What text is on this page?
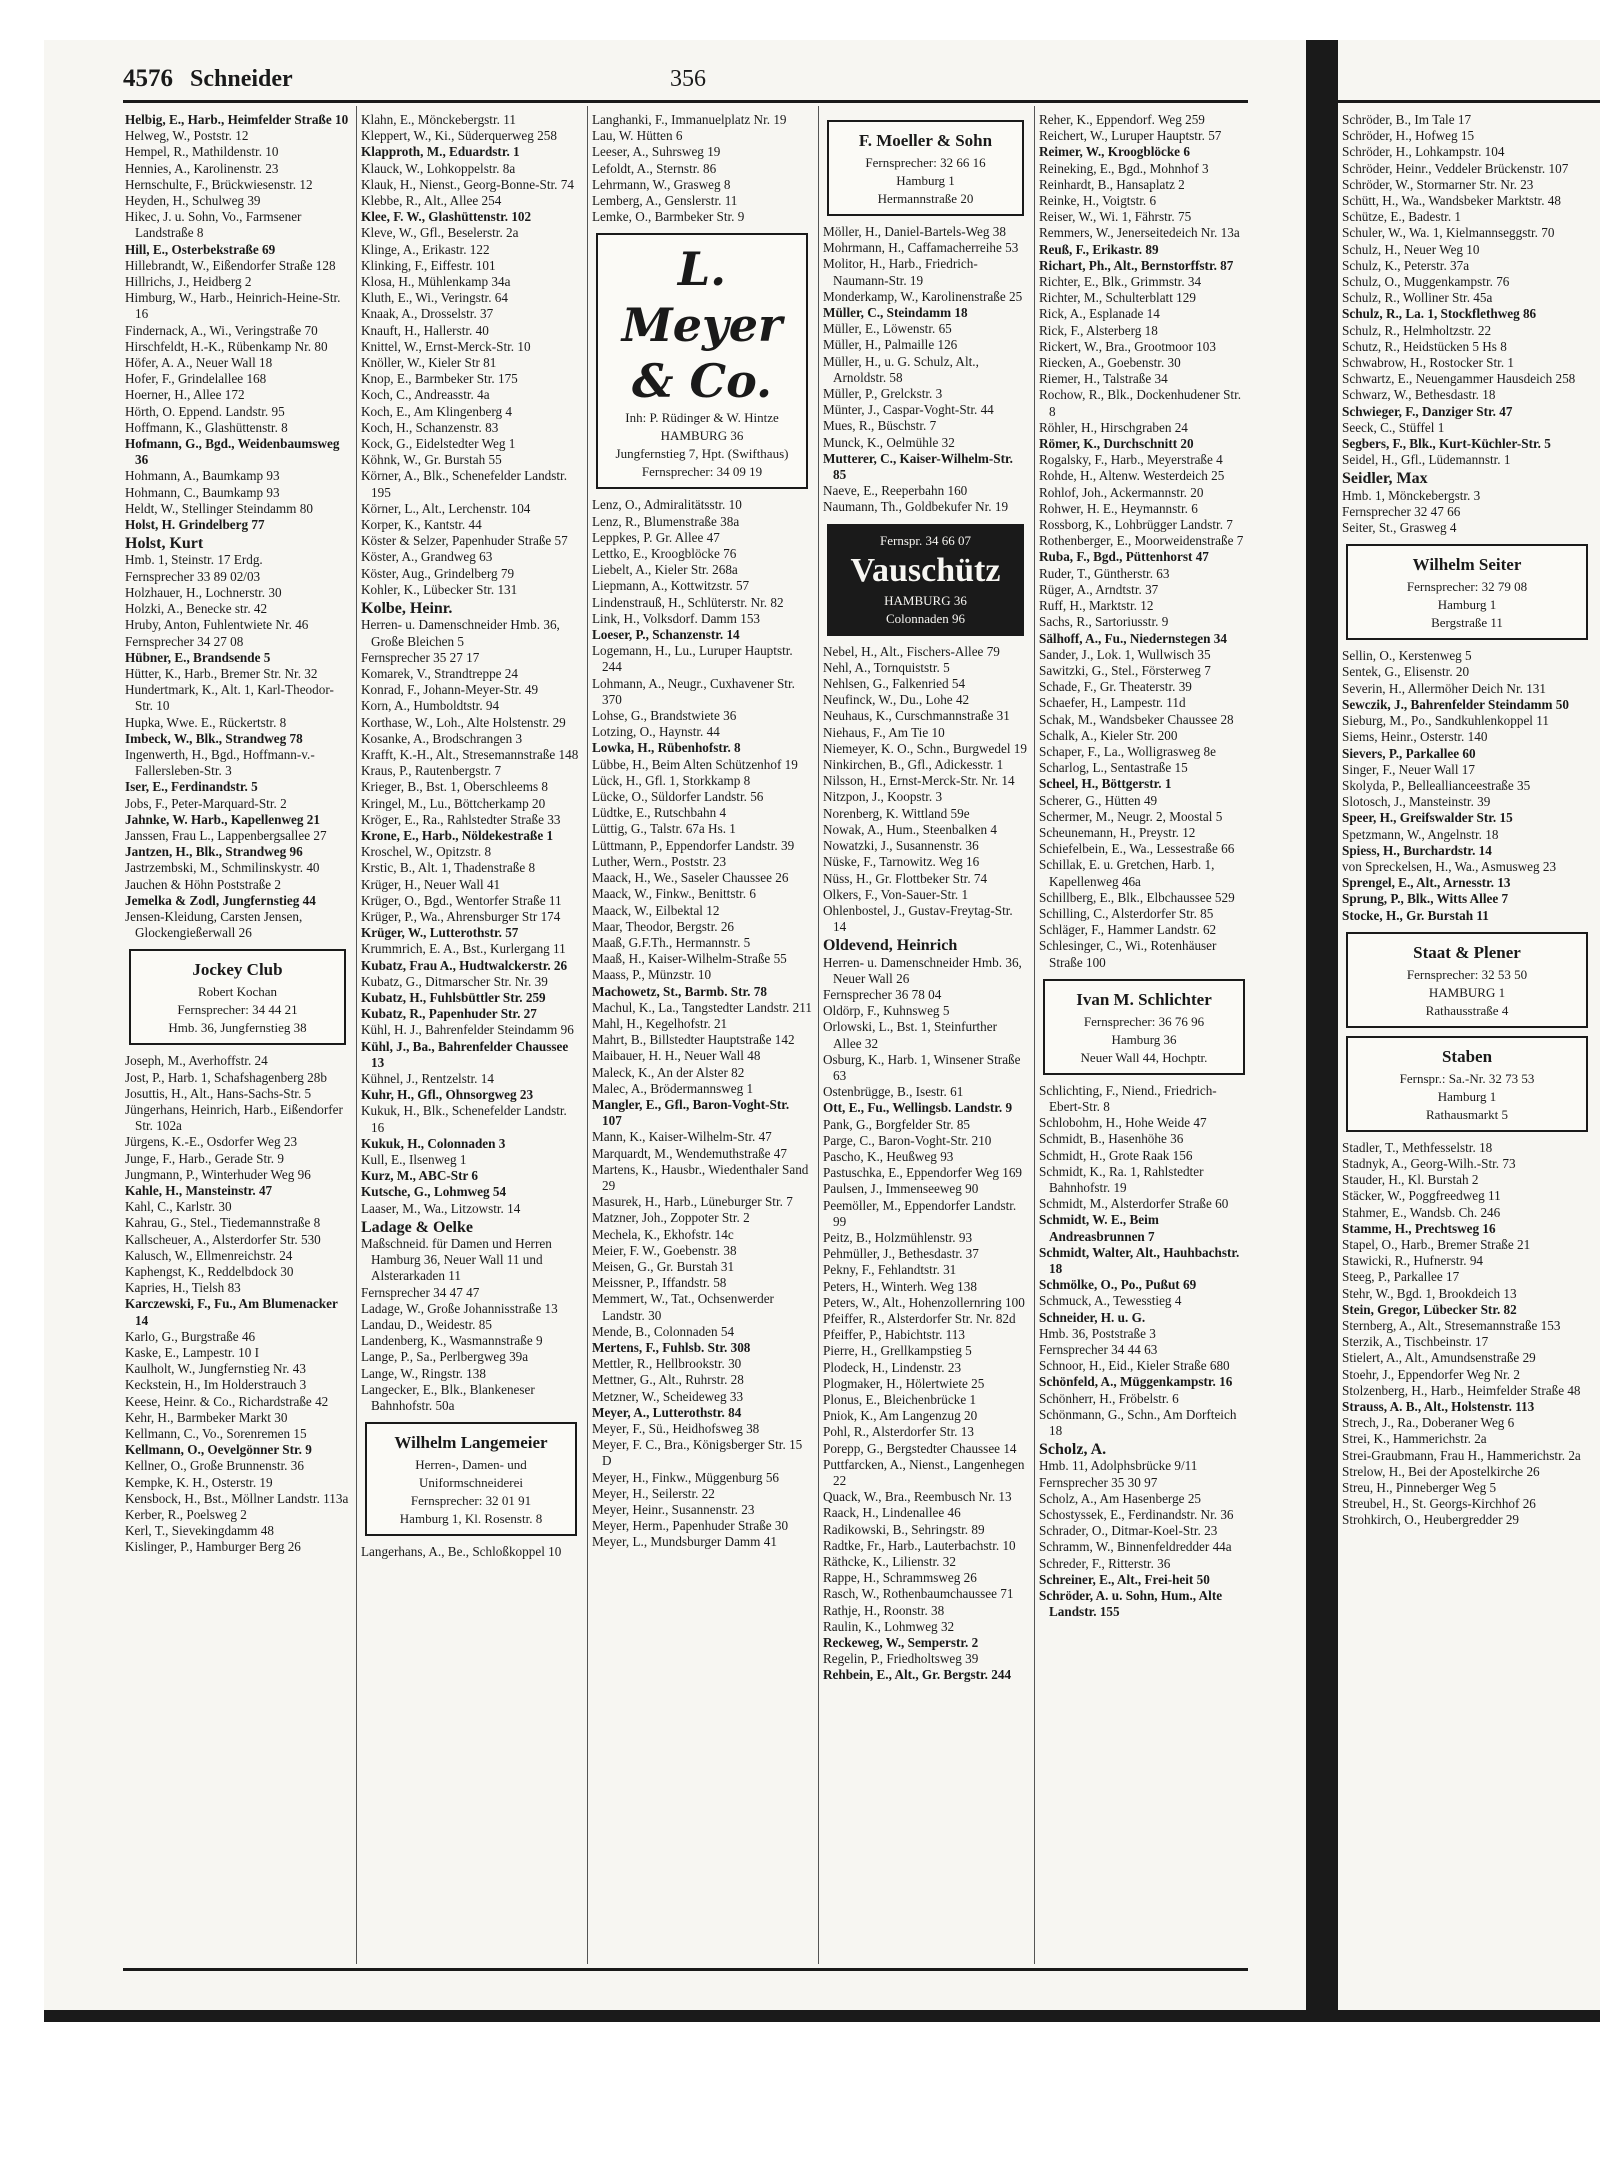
4576 Schneider	356
Helbig, E., Harb., Heimfelder Straße 10
Helweg, W., Poststr. 12
Hempel, R., Mathildenstr. 10
Hennies, A., Karolinenstr. 23
Hernschulte, F., Brückwiesenstr. 12
Heyden, H., Schulweg 39
Hikec, J. u. Sohn, Vo., Farmsener Landstraße 8
Hill, E., Osterbekstraße 69
Hillebrandt, W., Eißendorfer Straße 128
Hillrichs, J., Heidberg 2
Himburg, W., Harb., Heinrich-Heine-Str. 16
Findernack, A., Wi., Veringstraße 70
Hirschfeldt, H.-K., Rübenkamp Nr. 80
Höfer, A. A., Neuer Wall 18
Hofer, F., Grindelallee 168
Hoerner, H., Allee 172
Hörth, O. Eppend. Landstr. 95
Hoffmann, K., Glashüttenstr. 8
Hofmann, G., Bgd., Weidenbaumsweg 36
Hohmann, A., Baumkamp 93
Hohmann, C., Baumkamp 93
Heldt, W., Stellinger Steindamm 80
Holst, H. Grindelberg 77
Holst, Kurt
Hmb. 1, Steinstr. 17 Erdg.
Fernsprecher 33 89 02/03
Holzhauer, H., Lochnerstr. 30
Holzki, A., Benecke str. 42
Hruby, Anton, Fuhlentwiete Nr. 46
Fernsprecher 34 27 08
Hübner, E., Brandsende 5
Hütter, K., Harb., Bremer Str. Nr. 32
Hundertmark, K., Alt. 1, Karl-Theodor-Str. 10
Hupka, Wwe. E., Rückertstr. 8
Imbeck, W., Blk., Strandweg 78
Ingenwerth, H., Bgd., Hoffmann-v.-Fallersleben-Str. 3
Iser, E., Ferdinandstr. 5
Jobs, F., Peter-Marquard-Str. 2
Jahnke, W. Harb., Kapellenweg 21
Janssen, Frau L., Lappenbergsallee 27
Jantzen, H., Blk., Strandweg 96
Jastrzembski, M., Schmilinskystr. 40
Jauchen & Höhn Poststraße 2
Jemelka & Zodl, Jungfernstieg 44
Jensen-Kleidung, Carsten Jensen, Glockengießerwall 26
Jockey Club
Robert Kochan
Fernsprecher: 34 44 21
Hmb. 36, Jungfernstieg 38
Joseph, M., Averhoffstr. 24
Jost, P., Harb. 1, Schafshagenberg 28b
Josuttis, H., Alt., Hans-Sachs-Str. 5
Jüngerhans, Heinrich, Harb., Eißendorfer Str. 102a
Jürgens, K.-E., Osdorfer Weg 23
Junge, F., Harb., Gerade Str. 9
Jungmann, P., Winterhuder Weg 96
Kahle, H., Mansteinstr. 47
Kahl, C., Karlstr. 30
Kahrau, G., Stel., Tiedemannstraße 8
Kallscheuer, A., Alsterdorfer Str. 530
Kalusch, W., Ellmenreichstr. 24
Kaphengst, K., Reddelbdock 30
Kapries, H., Tielsh 83
Karczewski, F., Fu., Am Blumenacker 14
Karlo, G., Burgstraße 46
Kaske, E., Lampestr. 10 I
Kaulholt, W., Jungfernstieg Nr. 43
Keckstein, H., Im Holderstrauch 3
Keese, Heinr. & Co., Richardstraße 42
Kehr, H., Barmbeker Markt 30
Kellmann, C., Vo., Sorenremen 15
Kellmann, O., Oevelgönner Str. 9
Kellner, O., Große Brunnenstr. 36
Kempke, K. H., Osterstr. 19
Kensbock, H., Bst., Möllner Landstr. 113a
Kerber, R., Poelsweg 2
Kerl, T., Sievekingdamm 48
Kislinger, P., Hamburger Berg 26
Klahn, E., Mönckebergstr. 11
Kleppert, W., Ki., Süderquerweg 258
Klapproth, M., Eduardstr. 1
Klauck, W., Lohkoppelstr. 8a
Klauk, H., Nienst., Georg-Bonne-Str. 74
Klebbe, R., Alt., Allee 254
Klee, F. W., Glashüttenstr. 102
Kleve, W., Gfl., Beselerstr. 2a
Klinge, A., Erikastr. 122
Klinking, F., Eiffestr. 101
Klosa, H., Mühlenkamp 34a
Kluth, E., Wi., Veringstr. 64
Knaak, A., Drosselstr. 37
Knauft, H., Hallerstr. 40
Knittel, W., Ernst-Merck-Str. 10
Knöller, W., Kieler Str 81
Knop, E., Barmbeker Str. 175
Koch, C., Andreasstr. 4a
Koch, E., Am Klingenberg 4
Koch, H., Schanzenstr. 83
Kock, G., Eidelstedter Weg 1
Köhnk, W., Gr. Burstah 55
Körner, A., Blk., Schenefelder Landstr. 195
Körner, L., Alt., Lerchenstr. 104
Korper, K., Kantstr. 44
Köster & Selzer, Papenhuder Straße 57
Köster, A., Grandweg 63
Köster, Aug., Grindelberg 79
Kohler, K., Lübecker Str. 131
Kolbe, Heinr.
Herren- u. Damenschneider Hmb. 36, Große Bleichen 5
Fernsprecher 35 27 17
Komarek, V., Strandtreppe 24
Konrad, F., Johann-Meyer-Str. 49
Korn, A., Humboldtstr. 94
Korthase, W., Loh., Alte Holstenstr. 29
Kosanke, A., Brodschrangen 3
Krafft, K.-H., Alt., Stresemannstraße 148
Kraus, P., Rautenbergstr. 7
Krieger, B., Bst. 1, Oberschleems 8
Kringel, M., Lu., Böttcherkamp 20
Kröger, E., Ra., Rahlstedter Straße 33
Krone, E., Harb., Nöldekestraße 1
Kroschel, W., Opitzstr. 8
Krstic, B., Alt. 1, Thadenstraße 8
Krüger, H., Neuer Wall 41
Krüger, O., Bgd., Wentorfer Straße 11
Krüger, P., Wa., Ahrensburger Str 174
Krüger, W., Lutterothstr. 57
Krummrich, E. A., Bst., Kurlergang 11
Kubatz, Frau A., Hudtwalckerstr. 26
Kubatz, G., Ditmarscher Str. Nr. 39
Kubatz, H., Fuhlsbüttler Str. 259
Kubatz, R., Papenhuder Str. 27
Kühl, H. J., Bahrenfelder Steindamm 96
Kühl, J., Ba., Bahrenfelder Chaussee 13
Kühnel, J., Rentzelstr. 14
Kuhr, H., Gfl., Ohnsorgweg 23
Kukuk, H., Blk., Schenefelder Landstr. 16
Kukuk, H., Colonnaden 3
Kull, E., Ilsenweg 1
Kurz, M., ABC-Str 6
Kutsche, G., Lohmweg 54
Laaser, M., Wa., Litzowstr. 14
Ladage & Oelke
Maßschneid. für Damen und Herren Hamburg 36, Neuer Wall 11 und Alsterarkaden 11
Fernsprecher 34 47 47
Ladage, W., Große Johannisstraße 13
Landau, D., Weidestr. 85
Landenberg, K., Wasmannstraße 9
Lange, P., Sa., Perlbergweg 39a
Lange, W., Ringstr. 138
Langecker, E., Blk., Blankeneser Bahnhofstr. 50a
Wilhelm Langemeier
Herren-, Damen- und Uniformschneiderei
Fernsprecher: 32 01 91
Hamburg 1, Kl. Rosenstr. 8
Langerhans, A., Be., Schloßkoppel 10
Langhanki, F., Immanuelplatz Nr. 19
Lau, W. Hütten 6
Leeser, A., Suhrsweg 19
Lefoldt, A., Sternstr. 86
Lehrmann, W., Grasweg 8
Lemberg, A., Genslerstr. 11
Lemke, O., Barmbeker Str. 9
L. Meyer & Co.
Inh: P. Rüdinger & W. Hintze
HAMBURG 36
Jungfernstieg 7, Hpt. (Swifthaus)
Fernsprecher: 34 09 19
Lenz, O., Admiralitätsstr. 10
Lenz, R., Blumenstraße 38a
Leppkes, P. Gr. Allee 47
Lettko, E., Kroogblöcke 76
Liebelt, A., Kieler Str. 268a
Liepmann, A., Kottwitzstr. 57
Lindenstrauß, H., Schlüterstr. Nr. 82
Link, H., Volksdorf. Damm 153
Loeser, P., Schanzenstr. 14
Logemann, H., Lu., Luruper Hauptstr. 244
Lohmann, A., Neugr., Cuxhavener Str. 370
Lohse, G., Brandstwiete 36
Lotzing, O., Haynstr. 44
Lowka, H., Rübenhofstr. 8
Lübbe, H., Beim Alten Schützenhof 19
Lück, H., Gfl. 1, Storkkamp 8
Lücke, O., Süldorfer Landstr. 56
Lüdtke, E., Rutschbahn 4
Lüttig, G., Talstr. 67a Hs. 1
Lüttmann, P., Eppendorfer Landstr. 39
Luther, Wern., Poststr. 23
Maack, H., We., Saseler Chaussee 26
Maack, W., Finkw., Benittstr. 6
Maack, W., Eilbektal 12
Maar, Theodor, Bergstr. 26
Maaß, G.F.Th., Hermannstr. 5
Maaß, H., Kaiser-Wilhelm-Straße 55
Maass, P., Münzstr. 10
Machowetz, St., Barmb. Str. 78
Machul, K., La., Tangstedter Landstr. 211
Mahl, H., Kegelhofstr. 21
Mahrt, B., Billstedter Hauptstraße 142
Maibauer, H. H., Neuer Wall 48
Maleck, K., An der Alster 82
Malec, A., Brödermannsweg 1
Mangler, E., Gfl., Baron-Voght-Str. 107
Mann, K., Kaiser-Wilhelm-Str. 47
Marquardt, M., Wendemuthstraße 47
Martens, K., Hausbr., Wiedenthaler Sand 29
Masurek, H., Harb., Lüneburger Str. 7
Matzner, Joh., Zoppoter Str. 2
Mechela, K., Ekhofstr. 14c
Meier, F. W., Goebenstr. 38
Meisen, G., Gr. Burstah 31
Meissner, P., Iffandstr. 58
Memmert, W., Tat., Ochsenwerder Landstr. 30
Mende, B., Colonnaden 54
Mertens, F., Fuhlsb. Str. 308
Mettler, R., Hellbrookstr. 30
Mettner, G., Alt., Ruhrstr. 28
Metzner, W., Scheideweg 33
Meyer, A., Lutterothstr. 84
Meyer, F., Sü., Heidhofsweg 38
Meyer, F. C., Bra., Königsberger Str. 15 D
Meyer, H., Finkw., Müggenburg 56
Meyer, H., Seilerstr. 22
Meyer, Heinr., Susannenstr. 23
Meyer, Herm., Papenhuder Straße 30
Meyer, L., Mundsburger Damm 41
F. Moeller & Sohn
Fernsprecher: 32 66 16
Hamburg 1
Hermannstraße 20
Möller, H., Daniel-Bartels-Weg 38
Mohrmann, H., Caffamacherreihe 53
Molitor, H., Harb., Friedrich-Naumann-Str. 19
Monderkamp, W., Karolinenstraße 25
Müller, C., Steindamm 18
Müller, E., Löwenstr. 65
Müller, H., Palmaille 126
Müller, H., u. G. Schulz, Alt., Arnoldstr. 58
Müller, P., Grelckstr. 3
Münter, J., Caspar-Voght-Str. 44
Mues, R., Büschstr. 7
Munck, K., Oelmühle 32
Mutterer, C., Kaiser-Wilhelm-Str. 85
Naeve, E., Reeperbahn 160
Naumann, Th., Goldbekufer Nr. 19
Fernspr. 34 66 07
Vauschütz
HAMBURG 36
Colonnaden 96
Nebel, H., Alt., Fischers-Allee 79
Nehl, A., Tornquiststr. 5
Nehlsen, G., Falkenried 54
Neufinck, W., Du., Lohe 42
Neuhaus, K., Curschmannstraße 31
Niehaus, F., Am Tie 10
Niemeyer, K. O., Schn., Burgwedel 19
Ninkirchen, B., Gfl., Adickesstr. 1
Nilsson, H., Ernst-Merck-Str. Nr. 14
Nitzpon, J., Koopstr. 3
Norenberg, K. Wittland 59e
Nowak, A., Hum., Steenbalken 4
Nowatzki, J., Susannenstr. 36
Nüske, F., Tarnowitz. Weg 16
Nüss, H., Gr. Flottbeker Str. 74
Olkers, F., Von-Sauer-Str. 1
Ohlenbostel, J., Gustav-Freytag-Str. 14
Oldevend, Heinrich
Herren- u. Damenschneider Hmb. 36, Neuer Wall 26
Fernsprecher 36 78 04
Oldörp, F., Kuhnsweg 5
Orlowski, L., Bst. 1, Steinfurther Allee 32
Osburg, K., Harb. 1, Winsener Straße 63
Ostenbrügge, B., Isestr. 61
Ott, E., Fu., Wellingsb. Landstr. 9
Pank, G., Borgfelder Str. 85
Parge, C., Baron-Voght-Str. 210
Pascho, K., Heußweg 93
Pastuschka, E., Eppendorfer Weg 169
Paulsen, J., Immenseeweg 90
Peemöller, M., Eppendorfer Landstr. 99
Peitz, B., Holzmühlenstr. 93
Pehmüller, J., Bethesdastr. 37
Pekny, F., Fehlandtstr. 31
Peters, H., Winterh. Weg 138
Peters, W., Alt., Hohenzollernring 100
Pfeiffer, R., Alsterdorfer Str. Nr. 82d
Pfeiffer, P., Habichtstr. 113
Pierre, H., Grellkampstieg 5
Plodeck, H., Lindenstr. 23
Plogmaker, H., Hölertwiete 25
Plonus, E., Bleichenbrücke 1
Pniok, K., Am Langenzug 20
Pohl, R., Alsterdorfer Str. 13
Porepp, G., Bergstedter Chaussee 14
Puttfarcken, A., Nienst., Langenhegen 22
Quack, W., Bra., Reembusch Nr. 13
Raack, H., Lindenallee 46
Radikowski, B., Sehringstr. 89
Radtke, Fr., Harb., Lauterbachstr. 10
Räthcke, K., Lilienstr. 32
Rappe, H., Schrammsweg 26
Rasch, W., Rothenbaumchaussee 71
Rathje, H., Roonstr. 38
Raulin, K., Lohmweg 32
Reckeweg, W., Semperstr. 2
Regelin, P., Friedholtsweg 39
Rehbein, E., Alt., Gr. Bergstr. 244
Reher, K., Eppendorf. Weg 259
Reichert, W., Luruper Hauptstr. 57
Reimer, W., Kroogblöcke 6
Reineking, E., Bgd., Mohnhof 3
Reinhardt, B., Hansaplatz 2
Reinke, H., Voigtstr. 6
Reiser, W., Wi. 1, Fährstr. 75
Remmers, W., Jenerseitedeich Nr. 13a
Reuß, F., Erikastr. 89
Richart, Ph., Alt., Bernstorffstr. 87
Richter, E., Blk., Grimmstr. 34
Richter, M., Schulterblatt 129
Rick, A., Esplanade 14
Rick, F., Alsterberg 18
Rickert, W., Bra., Grootmoor 103
Riecken, A., Goebenstr. 30
Riemer, H., Talstraße 34
Rochow, R., Blk., Dockenhudener Str. 8
Röhler, H., Hirschgraben 24
Römer, K., Durchschnitt 20
Rogalsky, F., Harb., Meyerstraße 4
Rohde, H., Altenw. Westerdeich 25
Rohlof, Joh., Ackermannstr. 20
Rohwer, H. E., Heymannstr. 6
Rossborg, K., Lohbrügger Landstr. 7
Rothenberger, E., Moorweidenstraße 7
Ruba, F., Bgd., Püttenhorst 47
Ruder, T., Güntherstr. 63
Rüger, A., Arndtstr. 37
Ruff, H., Marktstr. 12
Sachs, R., Sartoriusstr. 9
Sälhoff, A., Fu., Niedernstegen 34
Sander, J., Lok. 1, Wullwisch 35
Sawitzki, G., Stel., Försterweg 7
Schade, F., Gr. Theaterstr. 39
Schaefer, H., Lampestr. 11d
Schak, M., Wandsbeker Chaussee 28
Schalk, A., Kieler Str. 200
Schaper, F., La., Wolligrasweg 8e
Scharlog, L., Sentastraße 15
Scheel, H., Böttgerstr. 1
Scherer, G., Hütten 49
Schermer, M., Neugr. 2, Moostal 5
Scheunemann, H., Preystr. 12
Schiefelbein, E., Wa., Lessestraße 66
Schillak, E. u. Gretchen, Harb. 1, Kapellenweg 46a
Schillberg, E., Blk., Elbchaussee 529
Schilling, C., Alsterdorfer Str. 85
Schläger, F., Hammer Landstr. 62
Schlesinger, C., Wi., Rotenhäuser Straße 100
Ivan M. Schlichter
Fernsprecher: 36 76 96
Hamburg 36
Neuer Wall 44, Hochptr.
Schlichting, F., Niend., Friedrich-Ebert-Str. 8
Schlobohm, H., Hohe Weide 47
Schmidt, B., Hasenhöhe 36
Schmidt, H., Grote Raak 156
Schmidt, K., Ra. 1, Rahlstedter Bahnhofstr. 19
Schmidt, M., Alsterdorfer Straße 60
Schmidt, W. E., Beim Andreasbrunnen 7
Schmidt, Walter, Alt., Hauhbachstr. 18
Schmölke, O., Po., Pußut 69
Schmuck, A., Tewesstieg 4
Schneider, H. u. G.
Hmb. 36, Poststraße 3
Fernsprecher 34 44 63
Schnoor, H., Eid., Kieler Straße 680
Schönfeld, A., Müggenkampstr. 16
Schönherr, H., Fröbelstr. 6
Schönmann, G., Schn., Am Dorfteich 18
Scholz, A.
Hmb. 11, Adolphsbrücke 9/11
Fernsprecher 35 30 97
Scholz, A., Am Hasenberge 25
Schostyssek, E., Ferdinandstr. Nr. 36
Schrader, O., Ditmar-Koel-Str. 23
Schramm, W., Binnenfeldredder 44a
Schreder, F., Ritterstr. 36
Schreiner, E., Alt., Frei-heit 50
Schröder, A. u. Sohn, Hum., Alte Landstr. 155
Schröder, B., Im Tale 17
Schröder, H., Hofweg 15
Schröder, H., Lohkampstr. 104
Schröder, Heinr., Veddeler Brückenstr. 107
Schröder, W., Stormarner Str. Nr. 23
Schütt, H., Wa., Wandsbeker Marktstr. 48
Schütze, E., Badestr. 1
Schuler, W., Wa. 1, Kielmannseggstr. 70
Schulz, H., Neuer Weg 10
Schulz, K., Peterstr. 37a
Schulz, O., Muggenkampstr. 76
Schulz, R., Wolliner Str. 45a
Schulz, R., La. 1, Stockflethweg 86
Schulz, R., Helmholtzstr. 22
Schutz, R., Heidstücken 5 Hs 8
Schwabrow, H., Rostocker Str. 1
Schwartz, E., Neuengammer Hausdeich 258
Schwarz, W., Bethesdastr. 18
Schwieger, F., Danziger Str. 47
Seeck, C., Stüffel 1
Segbers, F., Blk., Kurt-Küchler-Str. 5
Seidel, H., Gfl., Lüdemannstr. 1
Seidler, Max
Hmb. 1, Mönckebergstr. 3
Fernsprecher 32 47 66
Seiter, St., Grasweg 4
Wilhelm Seiter
Fernsprecher: 32 79 08
Hamburg 1
Bergstraße 11
Sellin, O., Kerstenweg 5
Sentek, G., Elisenstr. 20
Severin, H., Allermöher Deich Nr. 131
Sewczik, J., Bahrenfelder Steindamm 50
Sieburg, M., Po., Sandkuhlenkoppel 11
Siems, Heinr., Osterstr. 140
Sievers, P., Parkallee 60
Singer, F., Neuer Wall 17
Skolyda, P., Belleallianceestraße 35
Slotosch, J., Mansteinstr. 39
Speer, H., Greifswalder Str. 15
Spetzmann, W., Angelnstr. 18
Spiess, H., Burchardstr. 14
von Spreckelsen, H., Wa., Asmusweg 23
Sprengel, E., Alt., Arnesstr. 13
Sprung, P., Blk., Witts Allee 7
Stocke, H., Gr. Burstah 11
Staat & Plener
Fernsprecher: 32 53 50
HAMBURG 1
Rathausstraße 4
Staben
Fernspr.: Sa.-Nr. 32 73 53
Hamburg 1
Rathausmarkt 5
Stadler, T., Methfesselstr. 18
Stadnyk, A., Georg-Wilh.-Str. 73
Stauder, H., Kl. Burstah 2
Stäcker, W., Poggfreedweg 11
Stahmer, E., Wandsb. Ch. 246
Stamme, H., Prechtsweg 16
Stapel, O., Harb., Bremer Straße 21
Stawicki, R., Hufnerstr. 94
Steeg, P., Parkallee 17
Stehr, W., Bgd. 1, Brookdeich 13
Stein, Gregor, Lübecker Str. 82
Sternberg, A., Alt., Stresemannstraße 153
Sterzik, A., Tischbeinstr. 17
Stielert, A., Alt., Amundsenstraße 29
Stoehr, J., Eppendorfer Weg Nr. 2
Stolzenberg, H., Harb., Heimfelder Straße 48
Strauss, A. B., Alt., Holstenstr. 113
Strech, J., Ra., Doberaner Weg 6
Strei, K., Hammerichstr. 2a
Strei-Graubmann, Frau H., Hammerichstr. 2a
Strelow, H., Bei der Apostelkirche 26
Streu, H., Pinneberger Weg 5
Streubel, H., St. Georgs-Kirchhof 26
Strohkirch, O., Heubergredder 29
